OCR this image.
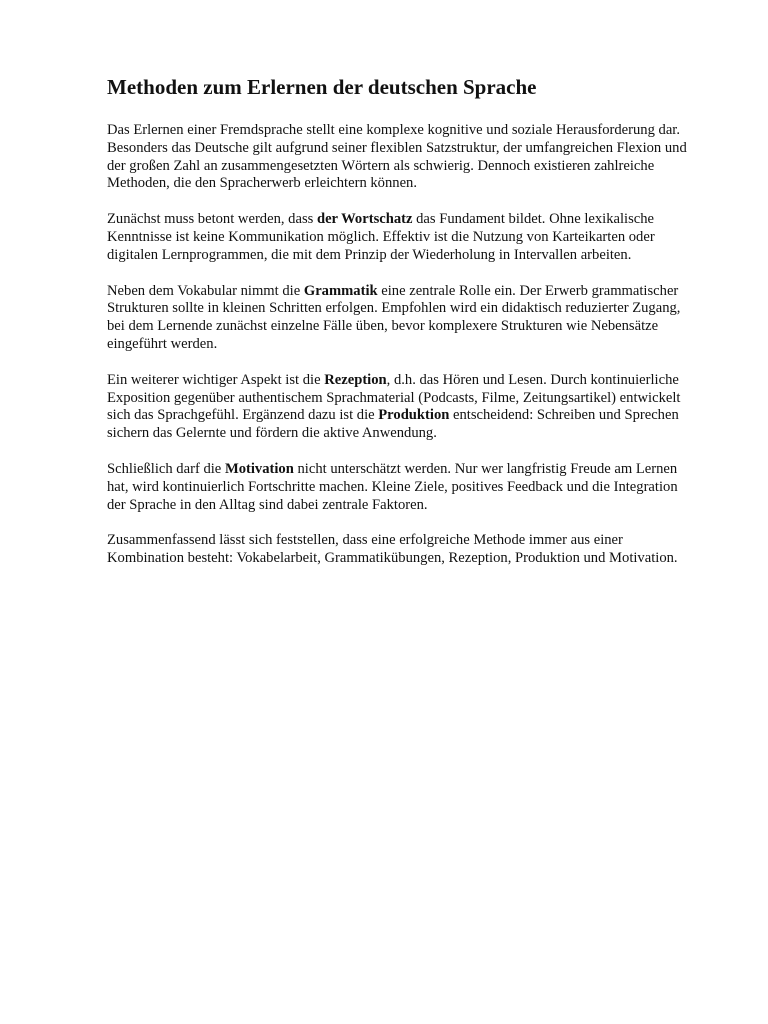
Methoden zum Erlernen der deutschen Sprache

Das Erlernen einer Fremdsprache stellt eine komplexe kognitive und soziale Herausforderung dar. Besonders das Deutsche gilt aufgrund seiner flexiblen Satzstruktur, der umfangreichen Flexion und der großen Zahl an zusammengesetzten Wörtern als schwierig. Dennoch existieren zahlreiche Methoden, die den Spracherwerb erleichtern können.

Zunächst muss betont werden, dass der Wortschatz das Fundament bildet. Ohne lexikalische Kenntnisse ist keine Kommunikation möglich. Effektiv ist die Nutzung von Karteikarten oder digitalen Lernprogrammen, die mit dem Prinzip der Wiederholung in Intervallen arbeiten.

Neben dem Vokabular nimmt die Grammatik eine zentrale Rolle ein. Der Erwerb grammatischer Strukturen sollte in kleinen Schritten erfolgen. Empfohlen wird ein didaktisch reduzierter Zugang, bei dem Lernende zunächst einzelne Fälle üben, bevor komplexere Strukturen wie Nebensätze eingeführt werden.

Ein weiterer wichtiger Aspekt ist die Rezeption, d.h. das Hören und Lesen. Durch kontinuierliche Exposition gegenüber authentischem Sprachmaterial (Podcasts, Filme, Zeitungsartikel) entwickelt sich das Sprachgefühl. Ergänzend dazu ist die Produktion entscheidend: Schreiben und Sprechen sichern das Gelernte und fördern die aktive Anwendung.

Schließlich darf die Motivation nicht unterschätzt werden. Nur wer langfristig Freude am Lernen hat, wird kontinuierlich Fortschritte machen. Kleine Ziele, positives Feedback und die Integration der Sprache in den Alltag sind dabei zentrale Faktoren.

Zusammenfassend lässt sich feststellen, dass eine erfolgreiche Methode immer aus einer Kombination besteht: Vokabelarbeit, Grammatikübungen, Rezeption, Produktion und Motivation.
